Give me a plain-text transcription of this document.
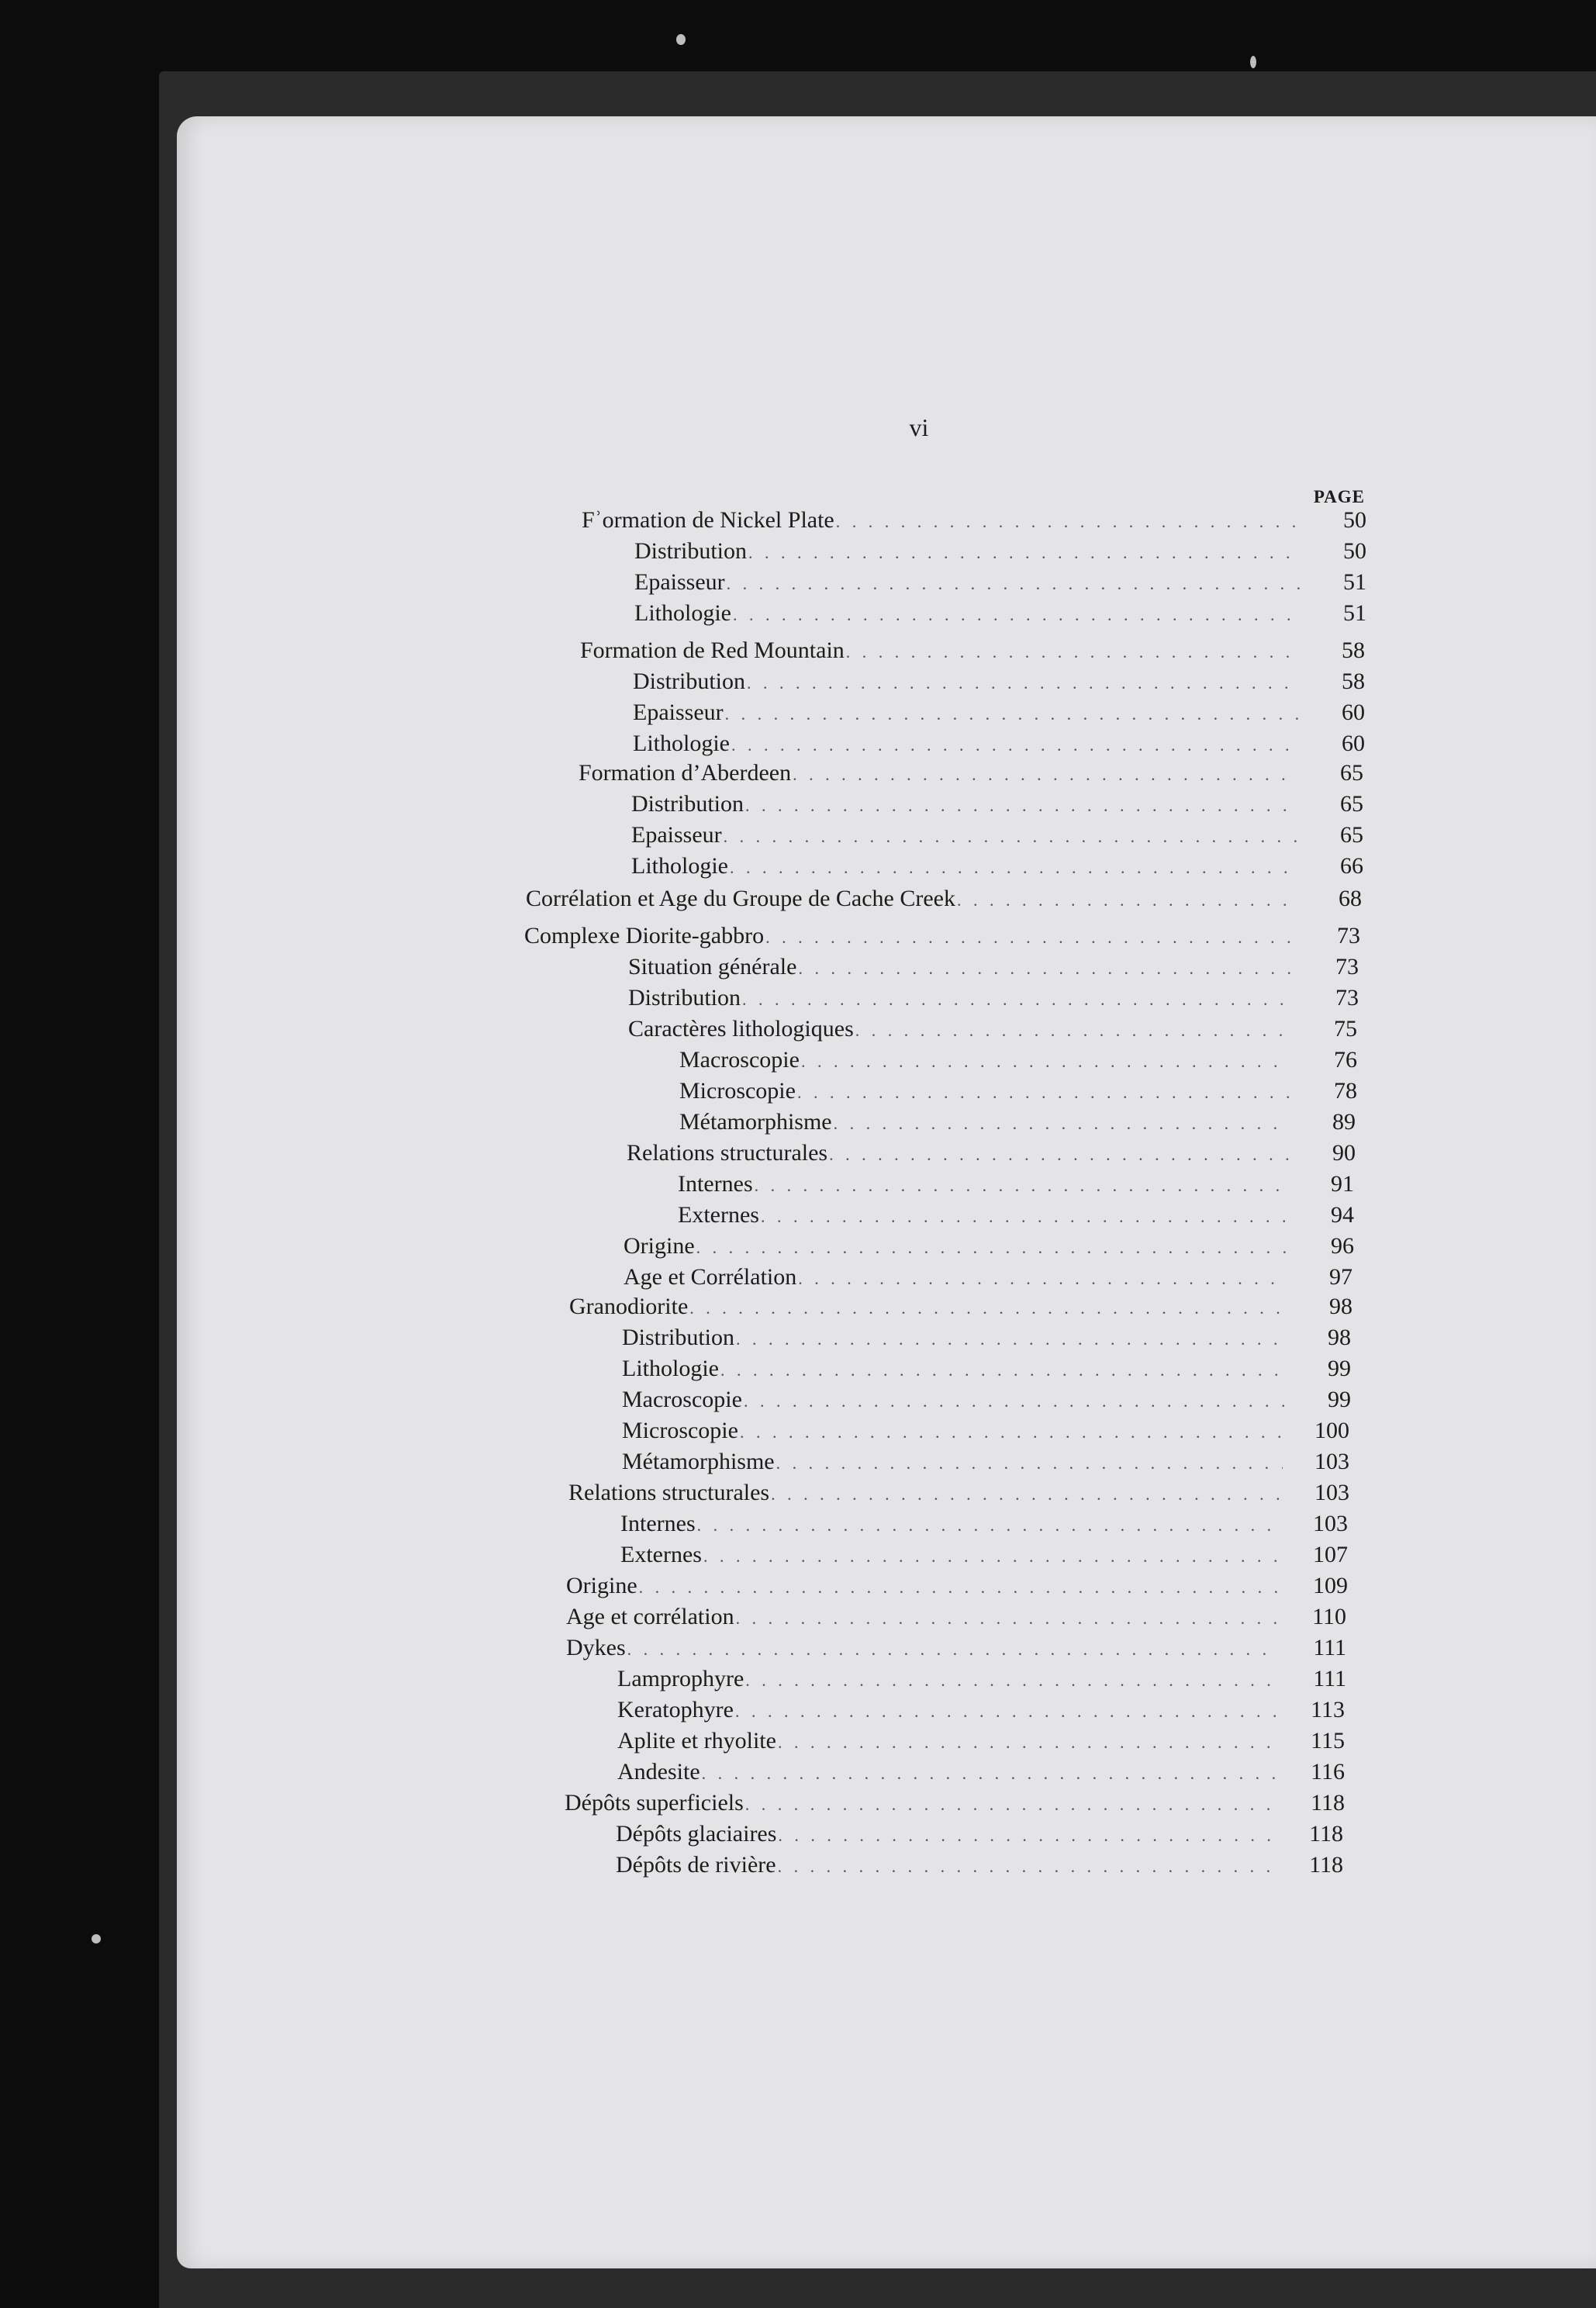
vi
PAGE
Fʾormation de Nickel Plate . . .	50
Distribution . . .	50
Epaisseur . . .	51
Lithologie . . .	51
Formation de Red Mountain . . .	58
Distribution . . .	58
Epaisseur . . .	60
Lithologie . . .	60
Formation d’Aberdeen . . .	65
Distribution . . .	65
Epaisseur . . .	65
Lithologie . . .	66
Corrélation et Age du Groupe de Cache Creek . . .	68
Complexe Diorite-gabbro . . .	73
Situation générale . . .	73
Distribution . . .	73
Caractères lithologiques . . .	75
Macroscopie . . .	76
Microscopie . . .	78
Métamorphisme . . .	89
Relations structurales . . .	90
Internes . . .	91
Externes . . .	94
Origine . . .	96
Age et Corrélation . . .	97
Granodiorite . . .	98
Distribution . . .	98
Lithologie . . .	99
Macroscopie . . .	99
Microscopie . . .	100
Métamorphisme . . .	103
Relations structurales . . .	103
Internes . . .	103
Externes . . .	107
Origine . . .	109
Age et corrélation . . .	110
Dykes . . .	111
Lamprophyre . . .	111
Keratophyre . . .	113
Aplite et rhyolite . . .	115
Andesite . . .	116
Dépôts superficiels . . .	118
Dépôts glaciaires . . .	118
Dépôts de rivière . . .	118
